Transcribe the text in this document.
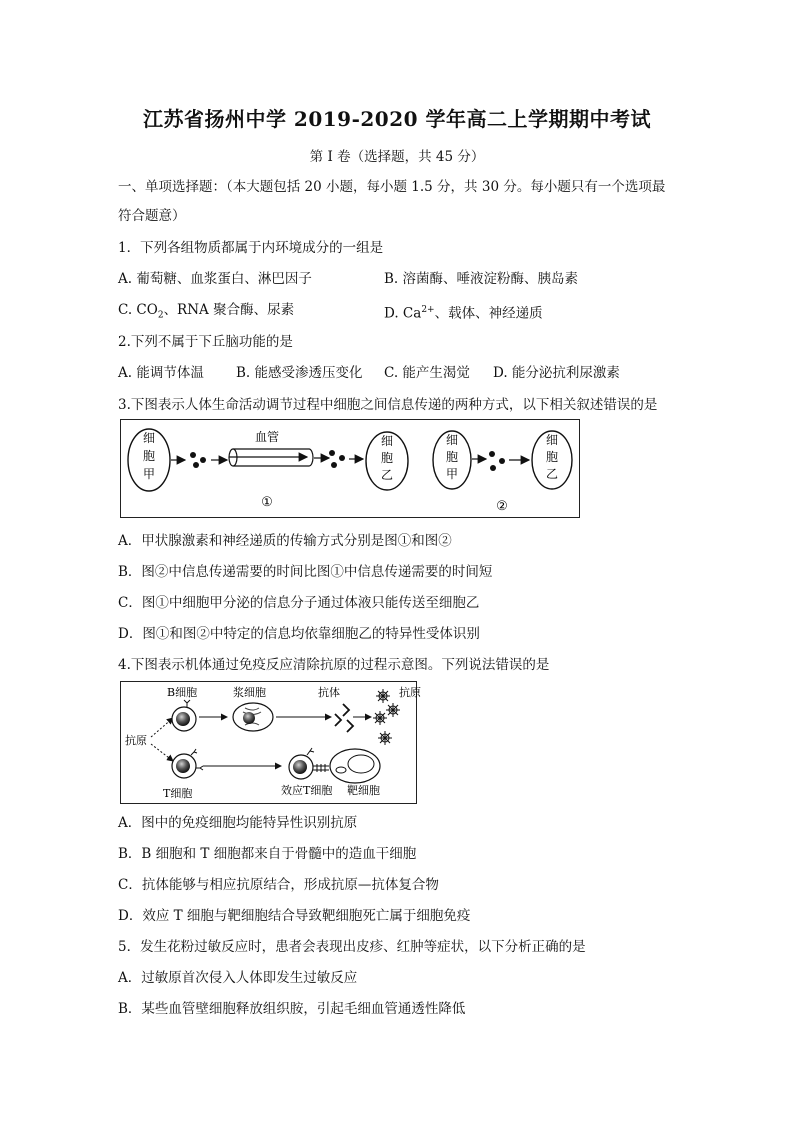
江苏省扬州中学 2019-2020 学年高二上学期期中考试
第 I 卷（选择题，共 45 分）
一、单项选择题：（本大题包括 20 小题，每小题 1.5 分，共 30 分。每小题只有一个选项最
符合题意）
1．下列各组物质都属于内环境成分的一组是
A. 葡萄糖、血浆蛋白、淋巴因子	B. 溶菌酶、唾液淀粉酶、胰岛素
C. $CO_2$、RNA 聚合酶、尿素	D. $Ca^{2+}$、载体、神经递质
2.下列不属于下丘脑功能的是
A. 能调节体温 B. 能感受渗透压变化 C. 能产生渴觉 D. 能分泌抗利尿激素
3.下图表示人体生命活动调节过程中细胞之间信息传递的两种方式，以下相关叙述错误的是
细
胞
甲
血管	细
胞
乙
①
细
胞
甲
细
胞
乙
②
A．甲状腺激素和神经递质的传输方式分别是图①和图②
B．图②中信息传递需要的时间比图①中信息传递需要的时间短
C．图①中细胞甲分泌的信息分子通过体液只能传送至细胞乙
D．图①和图②中特定的信息均依靠细胞乙的特异性受体识别
4.下图表示机体通过免疫反应清除抗原的过程示意图。下列说法错误的是
抗原
B细胞	浆细胞	抗体	抗原
T细胞	效应T细胞 靶细胞
A．图中的免疫细胞均能特异性识别抗原
B．B 细胞和 T 细胞都来自于骨髓中的造血干细胞
C．抗体能够与相应抗原结合，形成抗原—抗体复合物
D．效应 T 细胞与靶细胞结合导致靶细胞死亡属于细胞免疫
5．发生花粉过敏反应时，患者会表现出皮疹、红肿等症状，以下分析正确的是
A．过敏原首次侵入人体即发生过敏反应
B．某些血管壁细胞释放组织胺，引起毛细血管通透性降低
